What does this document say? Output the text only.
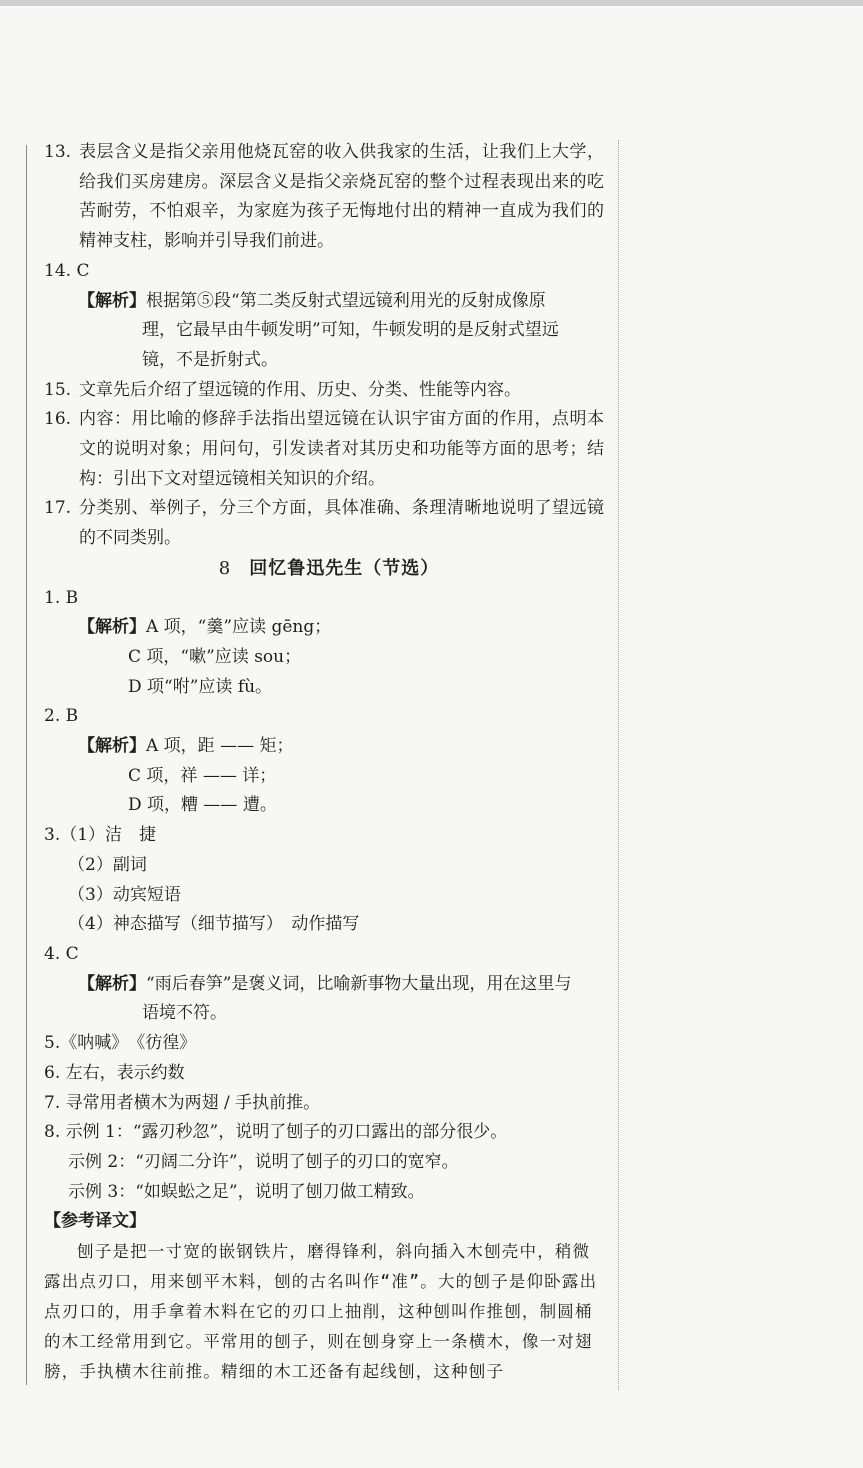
13. 表层含义是指父亲用他烧瓦窑的收入供我家的生活，让我们上大学，给我们买房建房。深层含义是指父亲烧瓦窑的整个过程表现出来的吃苦耐劳，不怕艰辛，为家庭为孩子无悔地付出的精神一直成为我们的精神支柱，影响并引导我们前进。
14. C
【解析】根据第⑤段“第二类反射式望远镜利用光的反射成像原
理，它最早由牛顿发明”可知，牛顿发明的是反射式望远
镜，不是折射式。
15. 文章先后介绍了望远镜的作用、历史、分类、性能等内容。
16. 内容：用比喻的修辞手法指出望远镜在认识宇宙方面的作用，点明本文的说明对象；用问句，引发读者对其历史和功能等方面的思考；结构：引出下文对望远镜相关知识的介绍。
17. 分类别、举例子，分三个方面，具体准确、条理清晰地说明了望远镜的不同类别。
8 回忆鲁迅先生（节选）
1. B
【解析】A 项，“羹”应读 gēng；
C 项，“嗽”应读 sou；
D 项“咐”应读 fù。
2. B
【解析】A 项，距 —— 矩；
C 项，祥 —— 详；
D 项，糟 —— 遭。
3.（1）洁　捷
（2）副词
（3）动宾短语
（4）神态描写（细节描写）　动作描写
4. C
【解析】“雨后春笋”是褒义词，比喻新事物大量出现，用在这里与
语境不符。
5.《呐喊》　《彷徨》
6. 左右，表示约数
7. 寻常用者横木为两翅 / 手执前推。
8. 示例 1：“露刃秒忽”，说明了刨子的刃口露出的部分很少。
示例 2：“刃阔二分许”，说明了刨子的刃口的宽窄。
示例 3：“如蜈蚣之足”，说明了刨刀做工精致。
【参考译文】
刨子是把一寸宽的嵌钢铁片，磨得锋利，斜向插入木刨壳中，稍微露出点刃口，用来刨平木料，刨的古名叫作“准”。大的刨子是仰卧露出点刃口的，用手拿着木料在它的刃口上抽削，这种刨叫作推刨，制圆桶的木工经常用到它。平常用的刨子，则在刨身穿上一条横木，像一对翅膀，手执横木往前推。精细的木工还备有起线刨，这种刨子
